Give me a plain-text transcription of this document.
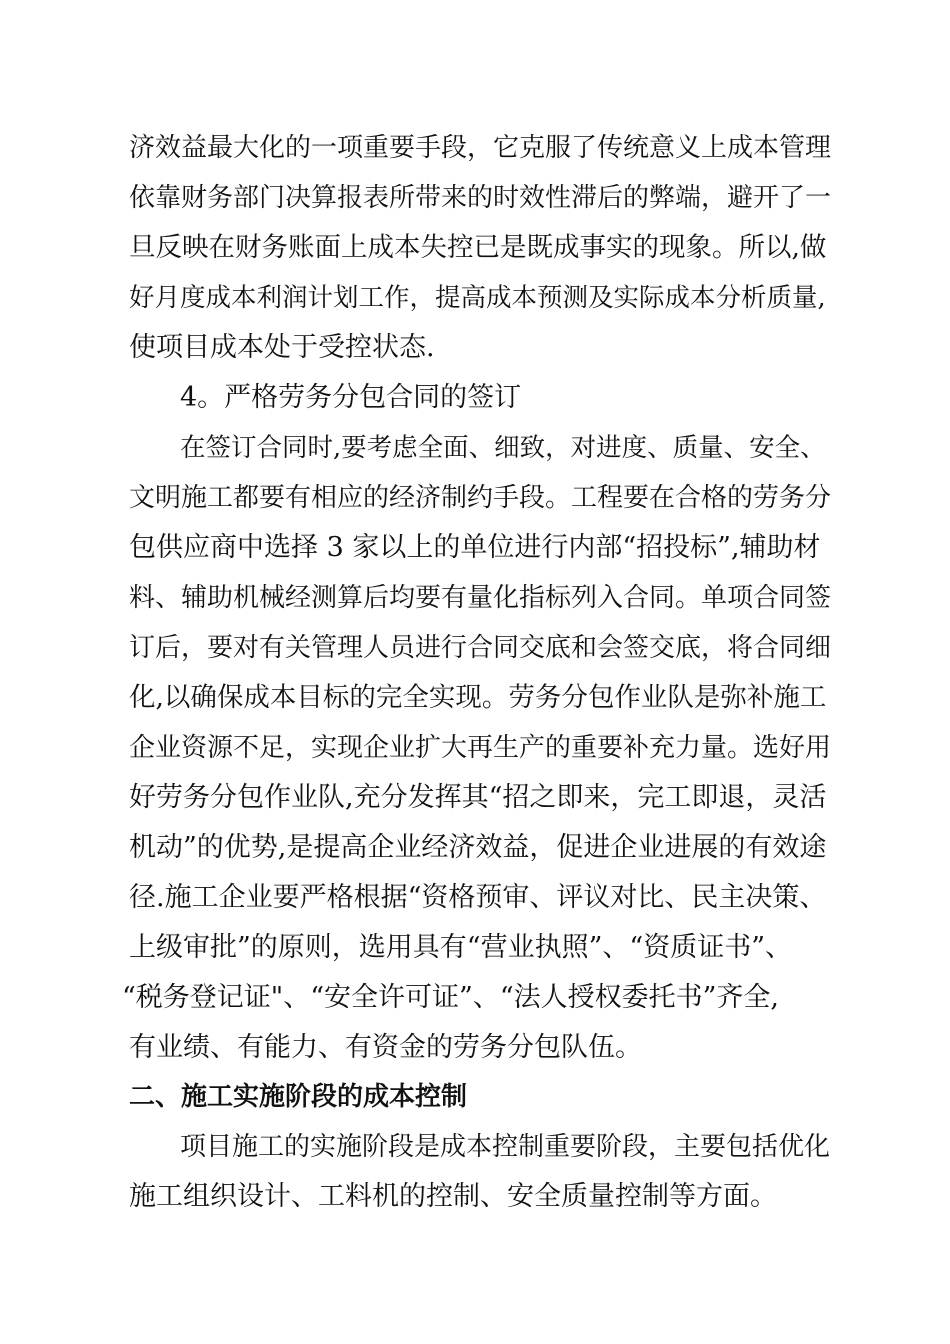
济效益最大化的一项重要手段，它克服了传统意义上成本管理
依靠财务部门决算报表所带来的时效性滞后的弊端，避开了一
旦反映在财务账面上成本失控已是既成事实的现象。所以,做
好月度成本利润计划工作，提高成本预测及实际成本分析质量,
使项目成本处于受控状态.
4。严格劳务分包合同的签订
在签订合同时,要考虑全面、细致，对进度、质量、安全、
文明施工都要有相应的经济制约手段。工程要在合格的劳务分
包供应商中选择 3 家以上的单位进行内部“招投标”,辅助材
料、辅助机械经测算后均要有量化指标列入合同。单项合同签
订后，要对有关管理人员进行合同交底和会签交底，将合同细
化,以确保成本目标的完全实现。劳务分包作业队是弥补施工
企业资源不足，实现企业扩大再生产的重要补充力量。选好用
好劳务分包作业队,充分发挥其“招之即来，完工即退，灵活
机动”的优势,是提高企业经济效益，促进企业进展的有效途
径.施工企业要严格根据“资格预审、评议对比、民主决策、
上级审批”的原则，选用具有“营业执照”、“资质证书”、
“税务登记证"、“安全许可证”、“法人授权委托书”齐全,
有业绩、有能力、有资金的劳务分包队伍。
二、施工实施阶段的成本控制
项目施工的实施阶段是成本控制重要阶段，主要包括优化
施工组织设计、工料机的控制、安全质量控制等方面。
